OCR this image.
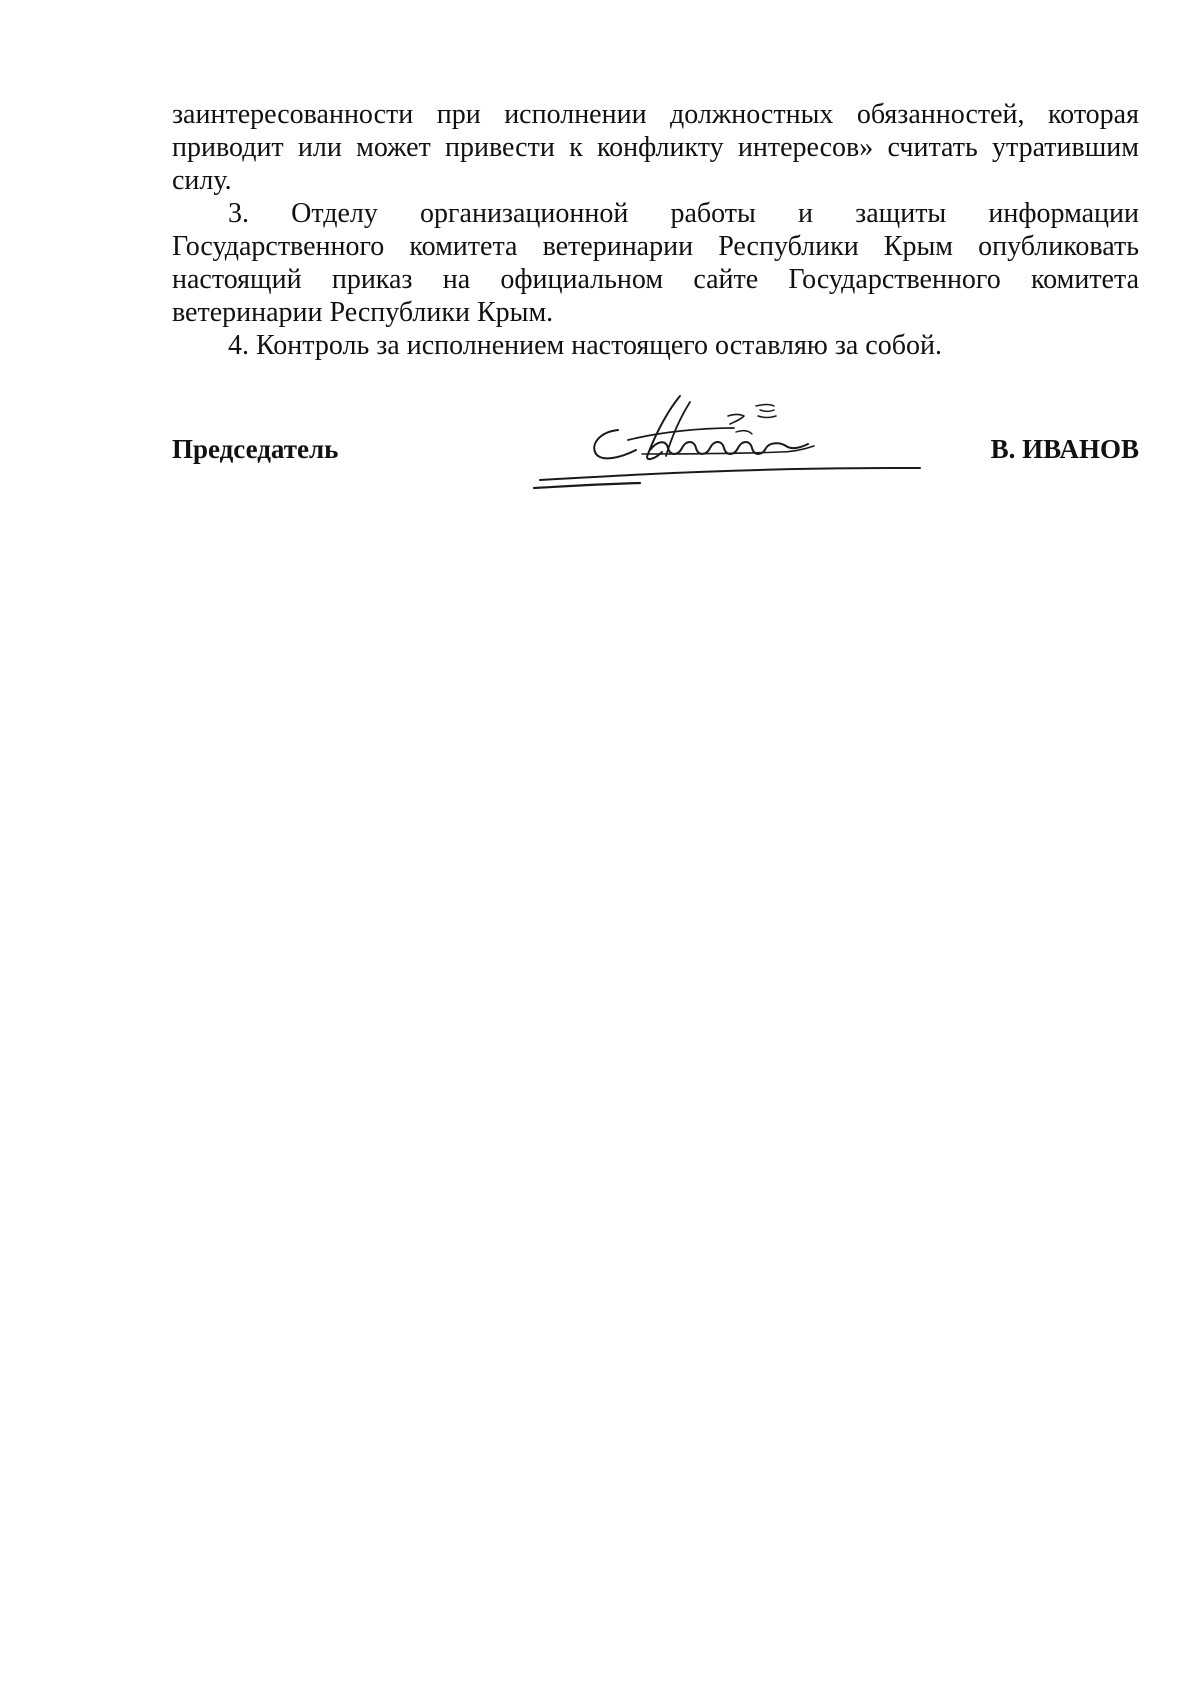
заинтересованности при исполнении должностных обязанностей, которая приводит или может привести к конфликту интересов» считать утратившим силу.

3. Отделу организационной работы и защиты информации Государственного комитета ветеринарии Республики Крым опубликовать настоящий приказ на официальном сайте Государственного комитета ветеринарии Республики Крым.

4. Контроль за исполнением настоящего оставляю за собой.

Председатель	В. ИВАНОВ
